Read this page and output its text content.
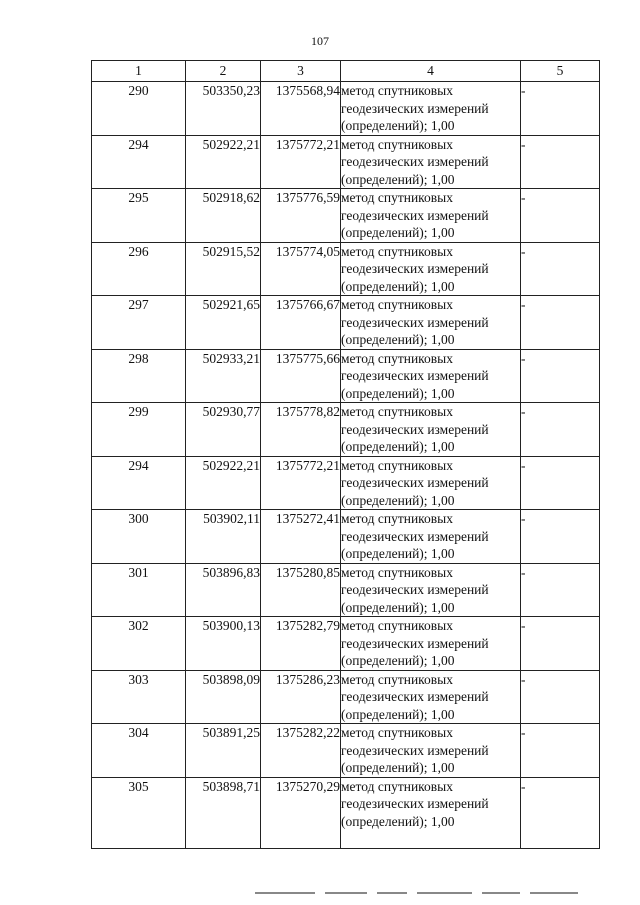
107
1	2	3	4	5
290	503350,23	1375568,94	метод спутниковых геодезических измерений (определений); 1,00	-
294	502922,21	1375772,21	метод спутниковых геодезических измерений (определений); 1,00	-
295	502918,62	1375776,59	метод спутниковых геодезических измерений (определений); 1,00	-
296	502915,52	1375774,05	метод спутниковых геодезических измерений (определений); 1,00	-
297	502921,65	1375766,67	метод спутниковых геодезических измерений (определений); 1,00	-
298	502933,21	1375775,66	метод спутниковых геодезических измерений (определений); 1,00	-
299	502930,77	1375778,82	метод спутниковых геодезических измерений (определений); 1,00	-
294	502922,21	1375772,21	метод спутниковых геодезических измерений (определений); 1,00	-
300	503902,11	1375272,41	метод спутниковых геодезических измерений (определений); 1,00	-
301	503896,83	1375280,85	метод спутниковых геодезических измерений (определений); 1,00	-
302	503900,13	1375282,79	метод спутниковых геодезических измерений (определений); 1,00	-
303	503898,09	1375286,23	метод спутниковых геодезических измерений (определений); 1,00	-
304	503891,25	1375282,22	метод спутниковых геодезических измерений (определений); 1,00	-
305	503898,71	1375270,29	метод спутниковых геодезических измерений (определений); 1,00	-
